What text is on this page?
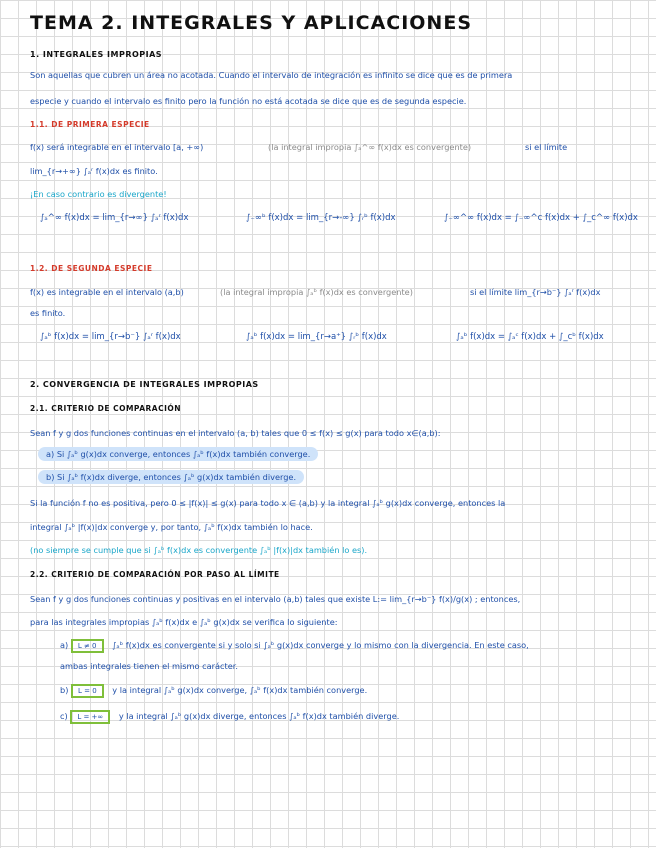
TEMA 2. INTEGRALES Y APLICACIONES
1. INTEGRALES IMPROPIAS
Son aquellas que cubren un área no acotada. Cuando el intervalo de integración es infinito se dice que es de primera
especie y cuando el intervalo es finito pero la función no está acotada se dice que es de segunda especie.
1.1. DE PRIMERA ESPECIE
f(x) será integrable en el intervalo [a, +∞)	(la integral impropia ∫ₐ^∞ f(x)dx es convergente)	si el límite
lim_{r→+∞} ∫ₐʳ f(x)dx es finito.
¡En caso contrario es divergente!
∫ₐ^∞ f(x)dx = lim_{r→∞} ∫ₐʳ f(x)dx	∫₋∞ᵇ f(x)dx = lim_{r→-∞} ∫ᵣᵇ f(x)dx	∫₋∞^∞ f(x)dx = ∫₋∞^c f(x)dx + ∫_c^∞ f(x)dx
1.2. DE SEGUNDA ESPECIE
f(x) es integrable en el intervalo (a,b)	(la integral impropia ∫ₐᵇ f(x)dx es convergente)	si el límite lim_{r→b⁻} ∫ₐʳ f(x)dx
es finito.
∫ₐᵇ f(x)dx = lim_{r→b⁻} ∫ₐʳ f(x)dx	∫ₐᵇ f(x)dx = lim_{r→a⁺} ∫ᵣᵇ f(x)dx	∫ₐᵇ f(x)dx = ∫ₐᶜ f(x)dx + ∫_cᵇ f(x)dx
2. CONVERGENCIA DE INTEGRALES IMPROPIAS
2.1. CRITERIO DE COMPARACIÓN
Sean f y g dos funciones continuas en el intervalo (a, b) tales que 0 ≤ f(x) ≤ g(x) para todo x∈(a,b):
a) Si ∫ₐᵇ g(x)dx converge, entonces ∫ₐᵇ f(x)dx también converge.
b) Si ∫ₐᵇ f(x)dx diverge, entonces ∫ₐᵇ g(x)dx también diverge.
Si la función f no es positiva, pero 0 ≤ |f(x)| ≤ g(x) para todo x ∈ (a,b) y la integral ∫ₐᵇ g(x)dx converge, entonces la
integral ∫ₐᵇ |f(x)|dx converge y, por tanto, ∫ₐᵇ f(x)dx también lo hace.
(no siempre se cumple que si ∫ₐᵇ f(x)dx es convergente ∫ₐᵇ |f(x)|dx también lo es).
2.2. CRITERIO DE COMPARACIÓN POR PASO AL LÍMITE
Sean f y g dos funciones continuas y positivas en el intervalo (a,b) tales que existe L:= lim_{r→b⁻} f(x)/g(x) ; entonces,
para las integrales impropias ∫ₐᵇ f(x)dx e ∫ₐᵇ g(x)dx se verifica lo siguiente:
a) L ≠ 0 ∫ₐᵇ f(x)dx es convergente si y solo si ∫ₐᵇ g(x)dx converge y lo mismo con la divergencia. En este caso,
ambas integrales tienen el mismo carácter.
b) L = 0 y la integral ∫ₐᵇ g(x)dx converge, ∫ₐᵇ f(x)dx también converge.
c) L = +∞ y la integral ∫ₐᵇ g(x)dx diverge, entonces ∫ₐᵇ f(x)dx también diverge.
